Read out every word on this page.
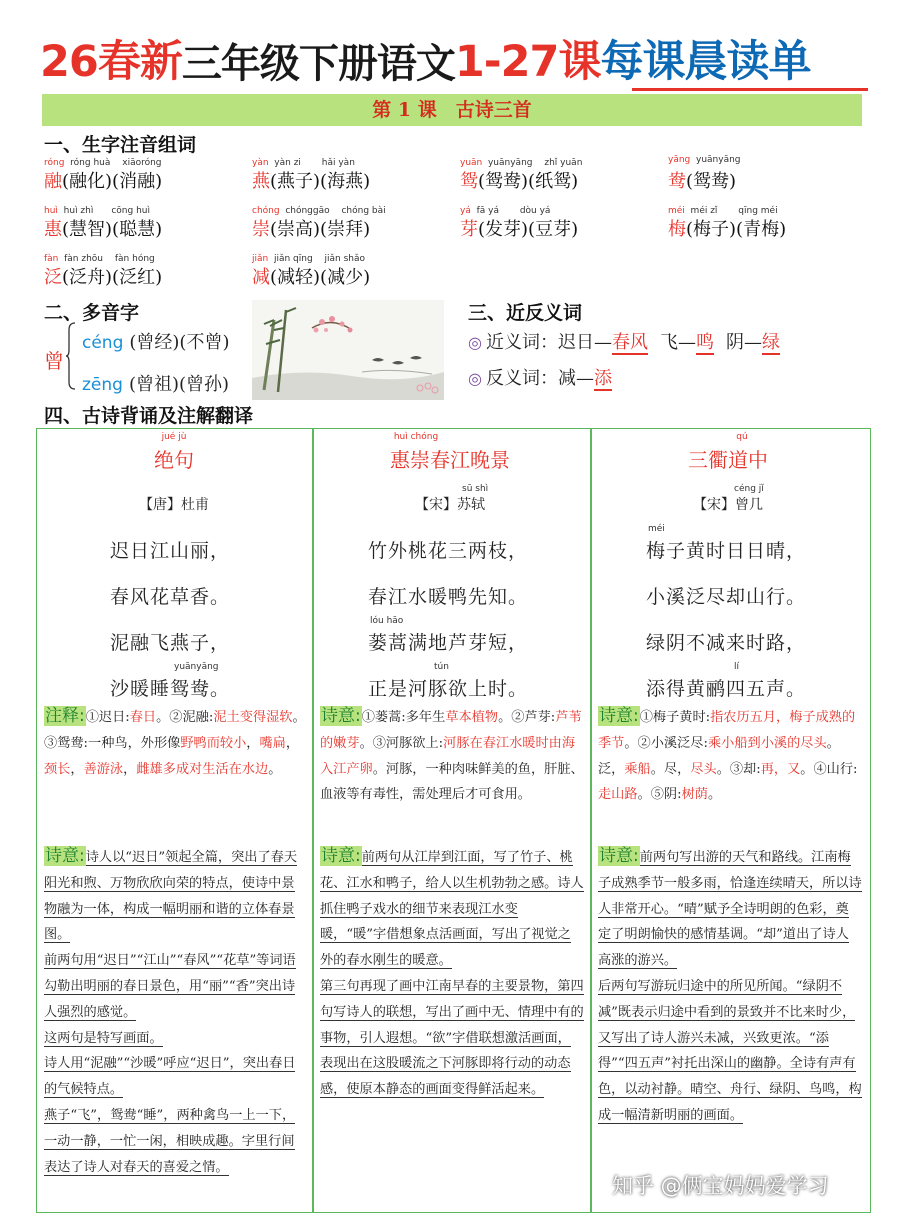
26春新三年级下册语文1-27课每课晨读单
第 1 课　古诗三首
一、生字注音组词
róng róng huà　 xiāoróng
融(融化)(消融)
yàn yàn zi　　 hǎi yàn
燕(燕子)(海燕)
yuān yuānyāng　 zhǐ yuān
鸳(鸳鸯)(纸鸳)
yāng yuānyāng
鸯(鸳鸯)
huì huì zhì　　cōng huì
惠(慧智)(聪慧)
chóng chónggāo　 chóng bài
崇(崇高)(崇拜)
yá fā yá　　 dòu yá
芽(发芽)(豆芽)
méi méi zǐ　　 qīng méi
梅(梅子)(青梅)
fàn fàn zhōu　 fàn hóng
泛(泛舟)(泛红)
jiǎn jiǎn qīng　 jiǎn shǎo
减(减轻)(减少)
二、多音字
曾
céng (曾经)(不曾)
zēng (曾祖)(曾孙)
三、近反义词
◎ 近义词：迟日—春风 飞—鸣 阴—绿
◎ 反义词：减—添
四、古诗背诵及注解翻译
jué jù
绝句
【唐】杜甫
迟日江山丽，
春风花草香。
泥融飞燕子，
yuānyāng
沙暖睡鸳鸯。
huì chóng
惠崇春江晚景
sū shì
【宋】苏轼
竹外桃花三两枝，
春江水暖鸭先知。
lóu hāo
蒌蒿满地芦芽短，
tún
正是河豚欲上时。
qú
三衢道中
céng jǐ
【宋】曾几
méi
梅子黄时日日晴，
小溪泛尽却山行。
绿阴不减来时路，
lí
添得黄鹂四五声。
注释:①迟日:春日。②泥融:泥土变得湿软。③鸳鸯:一种鸟，外形像野鸭而较小，嘴扁，颈长，善游泳，雌雄多成对生活在水边。
诗意:①蒌蒿:多年生草本植物。②芦芽:芦苇的嫩芽。③河豚欲上:河豚在春江水暖时由海入江产卵。河豚，一种肉味鲜美的鱼，肝脏、血液等有毒性，需处理后才可食用。
诗意:①梅子黄时:指农历五月，梅子成熟的季节。②小溪泛尽:乘小船到小溪的尽头。泛，乘船。尽，尽头。③却:再，又。④山行:走山路。⑤阴:树荫。
诗意:诗人以“迟日”领起全篇，突出了春天阳光和煦、万物欣欣向荣的特点，使诗中景物融为一体，构成一幅明丽和谐的立体春景图。
前两句用“迟日”“江山”“春风”“花草”等词语勾勒出明丽的春日景色，用“丽”“香”突出诗人强烈的感觉。
这两句是特写画面。
诗人用“泥融”“沙暖”呼应“迟日”，突出春日的气候特点。
燕子“飞”，鸳鸯“睡”，两种禽鸟一上一下，一动一静，一忙一闲，相映成趣。字里行间表达了诗人对春天的喜爱之情。
诗意:前两句从江岸到江面，写了竹子、桃花、江水和鸭子，给人以生机勃勃之感。诗人抓住鸭子戏水的细节来表现江水变暖，“暖”字借想象点活画面，写出了视觉之外的春水刚生的暖意。
第三句再现了画中江南早春的主要景物，第四句写诗人的联想，写出了画中无、情理中有的事物，引人遐想。“欲”字借联想激活画面，表现出在这股暖流之下河豚即将行动的动态感，使原本静态的画面变得鲜活起来。
诗意:前两句写出游的天气和路线。江南梅子成熟季节一般多雨，恰逢连续晴天，所以诗人非常开心。“晴”赋予全诗明朗的色彩，奠定了明朗愉快的感情基调。“却”道出了诗人高涨的游兴。
后两句写游玩归途中的所见所闻。“绿阴不减”既表示归途中看到的景致并不比来时少，又写出了诗人游兴未减，兴致更浓。“添得”“四五声”衬托出深山的幽静。全诗有声有色，以动衬静。晴空、舟行、绿阴、鸟鸣，构成一幅清新明丽的画面。
知乎 @俩宝妈妈爱学习
